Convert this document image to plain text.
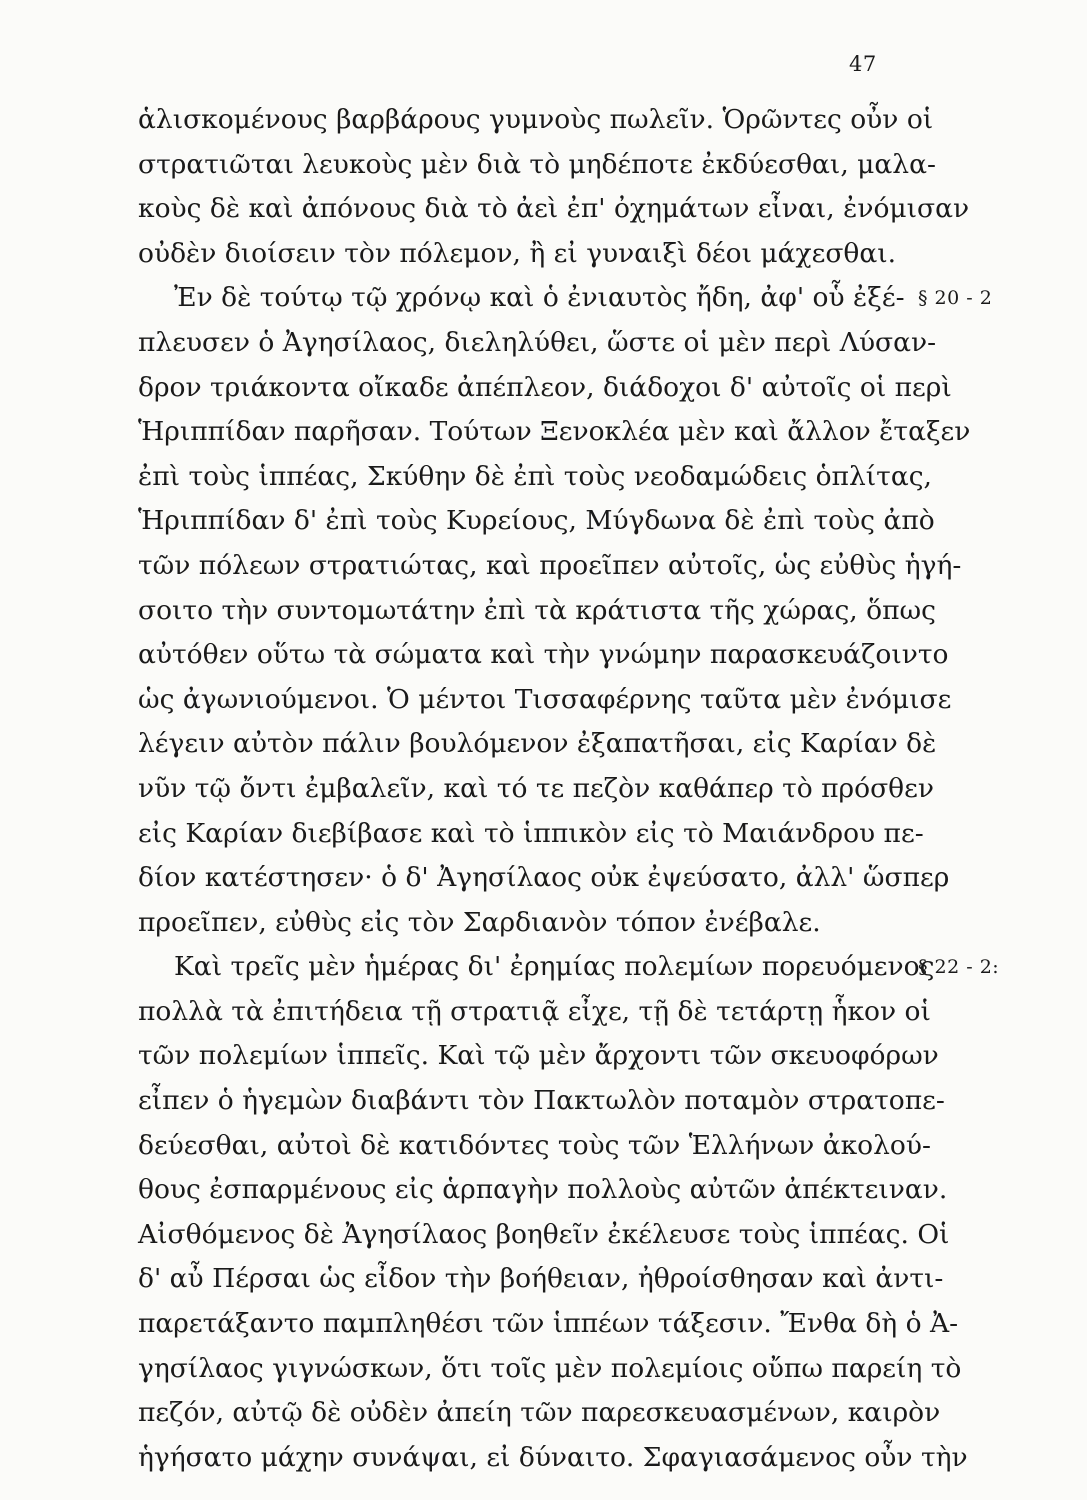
47
ἁλισκομένους βαρβάρους γυμνοὺς πωλεῖν. Ὁρῶντες οὖν οἱ
στρατιῶται λευκοὺς μὲν διὰ τὸ μηδέποτε ἐκδύεσθαι, μαλα-
κοὺς δὲ καὶ ἀπόνους διὰ τὸ ἀεὶ ἐπ' ὀχημάτων εἶναι, ἐνόμισαν
οὐδὲν διοίσειν τὸν πόλεμον, ἢ εἰ γυναιξὶ δέοι μάχεσθαι.
Ἐν δὲ τούτῳ τῷ χρόνῳ καὶ ὁ ἐνιαυτὸς ἤδη, ἀφ' οὗ ἐξέ- § 20 - 2
πλευσεν ὁ Ἀγησίλαος, διεληλύθει, ὥστε οἱ μὲν περὶ Λύσαν-
δρον τριάκοντα οἴκαδε ἀπέπλεον, διάδοχοι δ' αὐτοῖς οἱ περὶ
Ἡριππίδαν παρῆσαν. Τούτων Ξενοκλέα μὲν καὶ ἄλλον ἔταξεν
ἐπὶ τοὺς ἱππέας, Σκύθην δὲ ἐπὶ τοὺς νεοδαμώδεις ὁπλίτας,
Ἡριππίδαν δ' ἐπὶ τοὺς Κυρείους, Μύγδωνα δὲ ἐπὶ τοὺς ἀπὸ
τῶν πόλεων στρατιώτας, καὶ προεῖπεν αὐτοῖς, ὡς εὐθὺς ἡγή-
σοιτο τὴν συντομωτάτην ἐπὶ τὰ κράτιστα τῆς χώρας, ὅπως
αὐτόθεν οὕτω τὰ σώματα καὶ τὴν γνώμην παρασκευάζοιντο
ὡς ἀγωνιούμενοι. Ὁ μέντοι Τισσαφέρνης ταῦτα μὲν ἐνόμισε
λέγειν αὐτὸν πάλιν βουλόμενον ἐξαπατῆσαι, εἰς Καρίαν δὲ
νῦν τῷ ὄντι ἐμβαλεῖν, καὶ τό τε πεζὸν καθάπερ τὸ πρόσθεν
εἰς Καρίαν διεβίβασε καὶ τὸ ἱππικὸν εἰς τὸ Μαιάνδρου πε-
δίον κατέστησεν· ὁ δ' Ἀγησίλαος οὐκ ἐψεύσατο, ἀλλ' ὥσπερ
προεῖπεν, εὐθὺς εἰς τὸν Σαρδιανὸν τόπον ἐνέβαλε.
Καὶ τρεῖς μὲν ἡμέρας δι' ἐρημίας πολεμίων πορευόμενος
§ 22 - 2:
πολλὰ τὰ ἐπιτήδεια τῇ στρατιᾷ εἶχε, τῇ δὲ τετάρτῃ ἧκον οἱ
τῶν πολεμίων ἱππεῖς. Καὶ τῷ μὲν ἄρχοντι τῶν σκευοφόρων
εἶπεν ὁ ἡγεμὼν διαβάντι τὸν Πακτωλὸν ποταμὸν στρατοπε-
δεύεσθαι, αὐτοὶ δὲ κατιδόντες τοὺς τῶν Ἑλλήνων ἀκολού-
θους ἐσπαρμένους εἰς ἁρπαγὴν πολλοὺς αὐτῶν ἀπέκτειναν.
Αἰσθόμενος δὲ Ἀγησίλαος βοηθεῖν ἐκέλευσε τοὺς ἱππέας. Οἱ
δ' αὖ Πέρσαι ὡς εἶδον τὴν βοήθειαν, ἠθροίσθησαν καὶ ἀντι-
παρετάξαντο παμπληθέσι τῶν ἱππέων τάξεσιν. Ἔνθα δὴ ὁ Ἀ-
γησίλαος γιγνώσκων, ὅτι τοῖς μὲν πολεμίοις οὔπω παρείη τὸ
πεζόν, αὐτῷ δὲ οὐδὲν ἀπείη τῶν παρεσκευασμένων, καιρὸν
ἡγήσατο μάχην συνάψαι, εἰ δύναιτο. Σφαγιασάμενος οὖν τὴν
